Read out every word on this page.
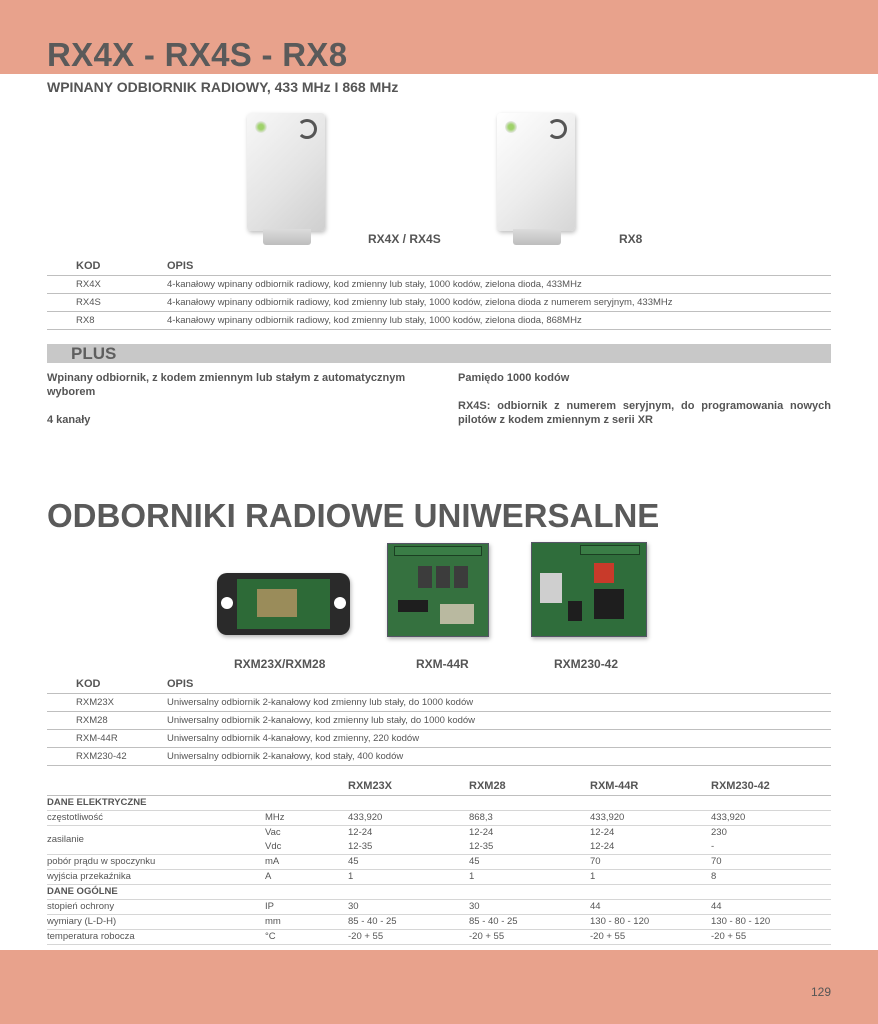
RX4X - RX4S - RX8
WPINANY ODBIORNIK RADIOWY, 433 MHz I 868 MHz
RX4X / RX4S	RX8
KOD	OPIS
RX4X	4-kanałowy wpinany odbiornik radiowy, kod zmienny lub stały, 1000 kodów, zielona dioda, 433MHz
RX4S	4-kanałowy wpinany odbiornik radiowy, kod zmienny lub stały, 1000 kodów, zielona dioda z numerem seryjnym, 433MHz
RX8	4-kanałowy wpinany odbiornik radiowy, kod zmienny lub stały, 1000 kodów, zielona dioda, 868MHz
PLUS
Wpinany odbiornik, z kodem zmiennym lub stałym z automatycznym wyborem
4 kanały
Pamiędo 1000 kodów
RX4S: odbiornik z numerem seryjnym, do programowania nowych pilotów z kodem zmiennym z serii XR
ODBORNIKI RADIOWE UNIWERSALNE
RXM23X/RXM28	RXM-44R	RXM230-42
KOD	OPIS
RXM23X	Uniwersalny odbiornik 2-kanałowy kod zmienny lub stały, do 1000 kodów
RXM28	Uniwersalny odbiornik 2-kanałowy, kod zmienny lub stały, do 1000 kodów
RXM-44R	Uniwersalny odbiornik 4-kanałowy, kod zmienny, 220 kodów
RXM230-42	Uniwersalny odbiornik 2-kanałowy, kod stały, 400 kodów
		RXM23X	RXM28	RXM-44R	RXM230-42
DANE ELEKTRYCZNE					
częstotliwość	MHz	433,920	868,3	433,920	433,920
zasilanie	Vac	12-24	12-24	12-24	230
	Vdc	12-35	12-35	12-24	-
pobór prądu w spoczynku	mA	45	45	70	70
wyjścia przekaźnika	A	1	1	1	8
DANE OGÓLNE					
stopień ochrony	IP	30	30	44	44
wymiary (L-D-H)	mm	85 - 40 - 25	85 - 40 - 25	130 - 80 - 120	130 - 80 - 120
temperatura robocza	°C	-20 + 55	-20 + 55	-20 + 55	-20 + 55
129
